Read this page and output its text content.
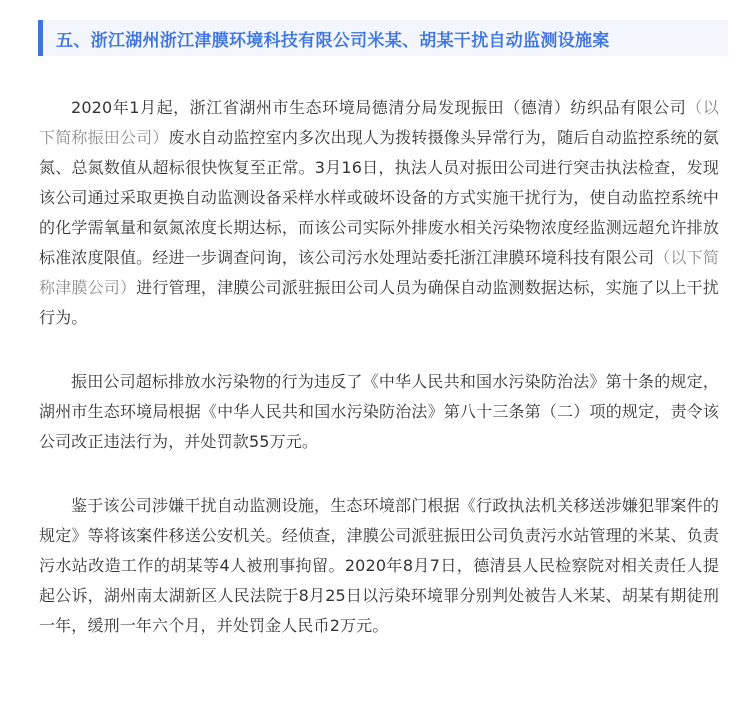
五、浙江湖州浙江津膜环境科技有限公司米某、胡某干扰自动监测设施案

2020年1月起，浙江省湖州市生态环境局德清分局发现振田（德清）纺织品有限公司（以下简称振田公司）废水自动监控室内多次出现人为拨转摄像头异常行为，随后自动监控系统的氨氮、总氮数值从超标很快恢复至正常。3月16日，执法人员对振田公司进行突击执法检查，发现该公司通过采取更换自动监测设备采样水样或破坏设备的方式实施干扰行为，使自动监控系统中的化学需氧量和氨氮浓度长期达标，而该公司实际外排废水相关污染物浓度经监测远超允许排放标准浓度限值。经进一步调查问询，该公司污水处理站委托浙江津膜环境科技有限公司（以下简称津膜公司）进行管理，津膜公司派驻振田公司人员为确保自动监测数据达标，实施了以上干扰行为。

振田公司超标排放水污染物的行为违反了《中华人民共和国水污染防治法》第十条的规定，湖州市生态环境局根据《中华人民共和国水污染防治法》第八十三条第（二）项的规定，责令该公司改正违法行为，并处罚款55万元。

鉴于该公司涉嫌干扰自动监测设施，生态环境部门根据《行政执法机关移送涉嫌犯罪案件的规定》等将该案件移送公安机关。经侦查，津膜公司派驻振田公司负责污水站管理的米某、负责污水站改造工作的胡某等4人被刑事拘留。2020年8月7日，德清县人民检察院对相关责任人提起公诉，湖州南太湖新区人民法院于8月25日以污染环境罪分别判处被告人米某、胡某有期徒刑一年，缓刑一年六个月，并处罚金人民币2万元。
